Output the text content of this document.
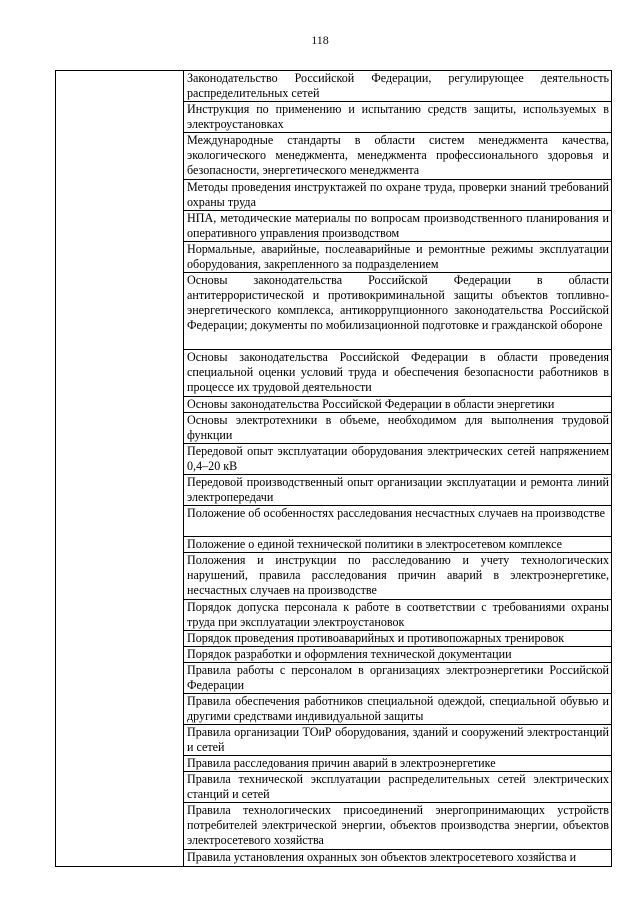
118
	Законодательство Российской Федерации, регулирующее деятельность распределительных сетей
Инструкция по применению и испытанию средств защиты, используемых в электроустановках
Международные стандарты в области систем менеджмента качества, экологического менеджмента, менеджмента профессионального здоровья и безопасности, энергетического менеджмента
Методы проведения инструктажей по охране труда, проверки знаний требований охраны труда
НПА, методические материалы по вопросам производственного планирования и оперативного управления производством
Нормальные, аварийные, послеаварийные и ремонтные режимы эксплуатации оборудования, закрепленного за подразделением
Основы законодательства Российской Федерации в области антитеррористической и противокриминальной защиты объектов топливно-энергетического комплекса, антикоррупционного законодательства Российской Федерации; документы по мобилизационной подготовке и гражданской обороне
Основы законодательства Российской Федерации в области проведения специальной оценки условий труда и обеспечения безопасности работников в процессе их трудовой деятельности
Основы законодательства Российской Федерации в области энергетики
Основы электротехники в объеме, необходимом для выполнения трудовой функции
Передовой опыт эксплуатации оборудования электрических сетей напряжением 0,4–20 кВ
Передовой производственный опыт организации эксплуатации и ремонта линий электропередачи
Положение об особенностях расследования несчастных случаев на производстве
Положение о единой технической политики в электросетевом комплексе
Положения и инструкции по расследованию и учету технологических нарушений, правила расследования причин аварий в электроэнергетике, несчастных случаев на производстве
Порядок допуска персонала к работе в соответствии с требованиями охраны труда при эксплуатации электроустановок
Порядок проведения противоаварийных и противопожарных тренировок
Порядок разработки и оформления технической документации
Правила работы с персоналом в организациях электроэнергетики Российской Федерации
Правила обеспечения работников специальной одеждой, специальной обувью и другими средствами индивидуальной защиты
Правила организации ТОиР оборудования, зданий и сооружений электростанций и сетей
Правила расследования причин аварий в электроэнергетике
Правила технической эксплуатации распределительных сетей электрических станций и сетей
Правила технологических присоединений энергопринимающих устройств потребителей электрической энергии, объектов производства энергии, объектов электросетевого хозяйства
Правила установления охранных зон объектов электросетевого хозяйства и
